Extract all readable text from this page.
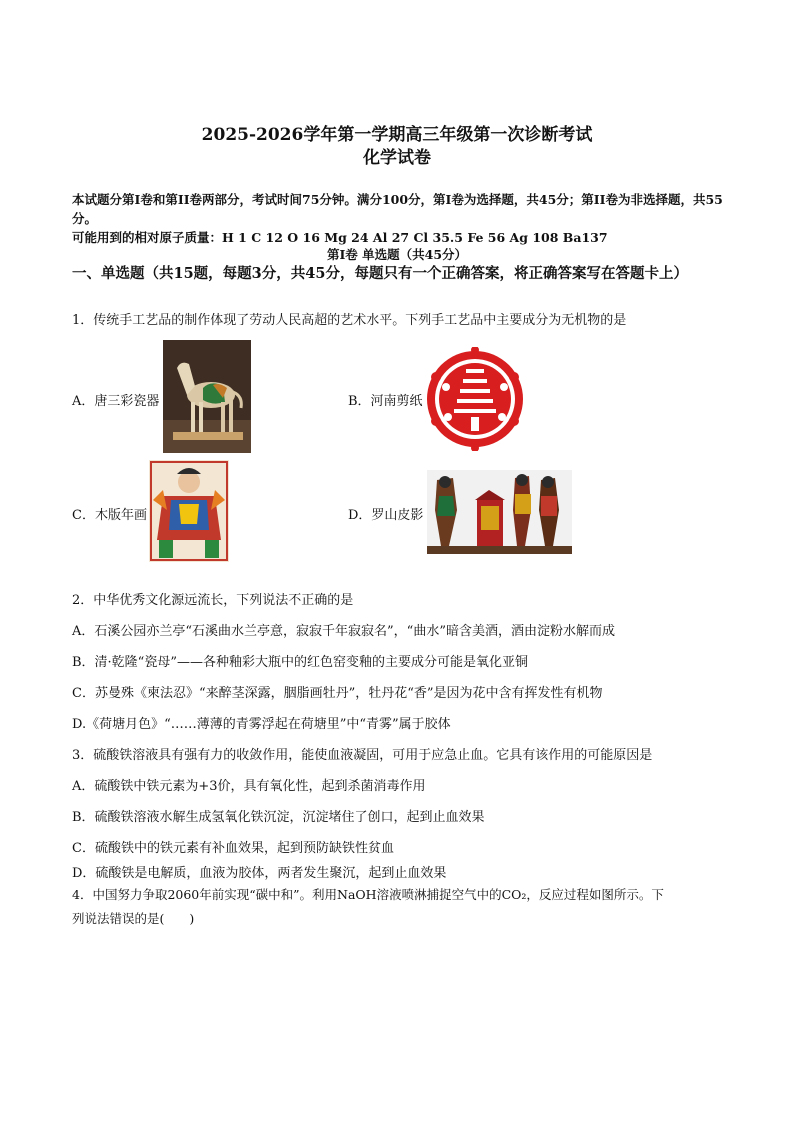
2025-2026学年第一学期高三年级第一次诊断考试
化学试卷
本试题分第I卷和第II卷两部分，考试时间75分钟。满分100分，第I卷为选择题，共45分；第II卷为非选择题，共55分。
可能用到的相对原子质量：H 1 C 12 O 16 Mg 24 Al 27 Cl 35.5 Fe 56 Ag 108 Ba137
第I卷 单选题（共45分）
一、单选题（共15题，每题3分，共45分，每题只有一个正确答案，将正确答案写在答题卡上）
1．传统手工艺品的制作体现了劳动人民高超的艺术水平。下列手工艺品中主要成分为无机物的是
A．唐三彩瓷器	B．河南剪纸
C．木版年画	D．罗山皮影
2．中华优秀文化源远流长，下列说法不正确的是
A．石溪公园亦兰亭“石溪曲水兰亭意，寂寂千年寂寂名”，“曲水”暗含美酒，酒由淀粉水解而成
B．清·乾隆“瓷母”——各种釉彩大瓶中的红色窑变釉的主要成分可能是氧化亚铜
C．苏曼殊《柬法忍》“来醉茎深露，胭脂画牡丹”，牡丹花“香”是因为花中含有挥发性有机物
D.《荷塘月色》“……薄薄的青雾浮起在荷塘里”中“青雾”属于胶体
3．硫酸铁溶液具有强有力的收敛作用，能使血液凝固，可用于应急止血。它具有该作用的可能原因是
A．硫酸铁中铁元素为+3价，具有氧化性，起到杀菌消毒作用
B．硫酸铁溶液水解生成氢氧化铁沉淀，沉淀堵住了创口，起到止血效果
C．硫酸铁中的铁元素有补血效果，起到预防缺铁性贫血
D．硫酸铁是电解质，血液为胶体，两者发生聚沉，起到止血效果
4．中国努力争取2060年前实现“碳中和”。利用NaOH溶液喷淋捕捉空气中的CO₂，反应过程如图所示。下
列说法错误的是(　　)
